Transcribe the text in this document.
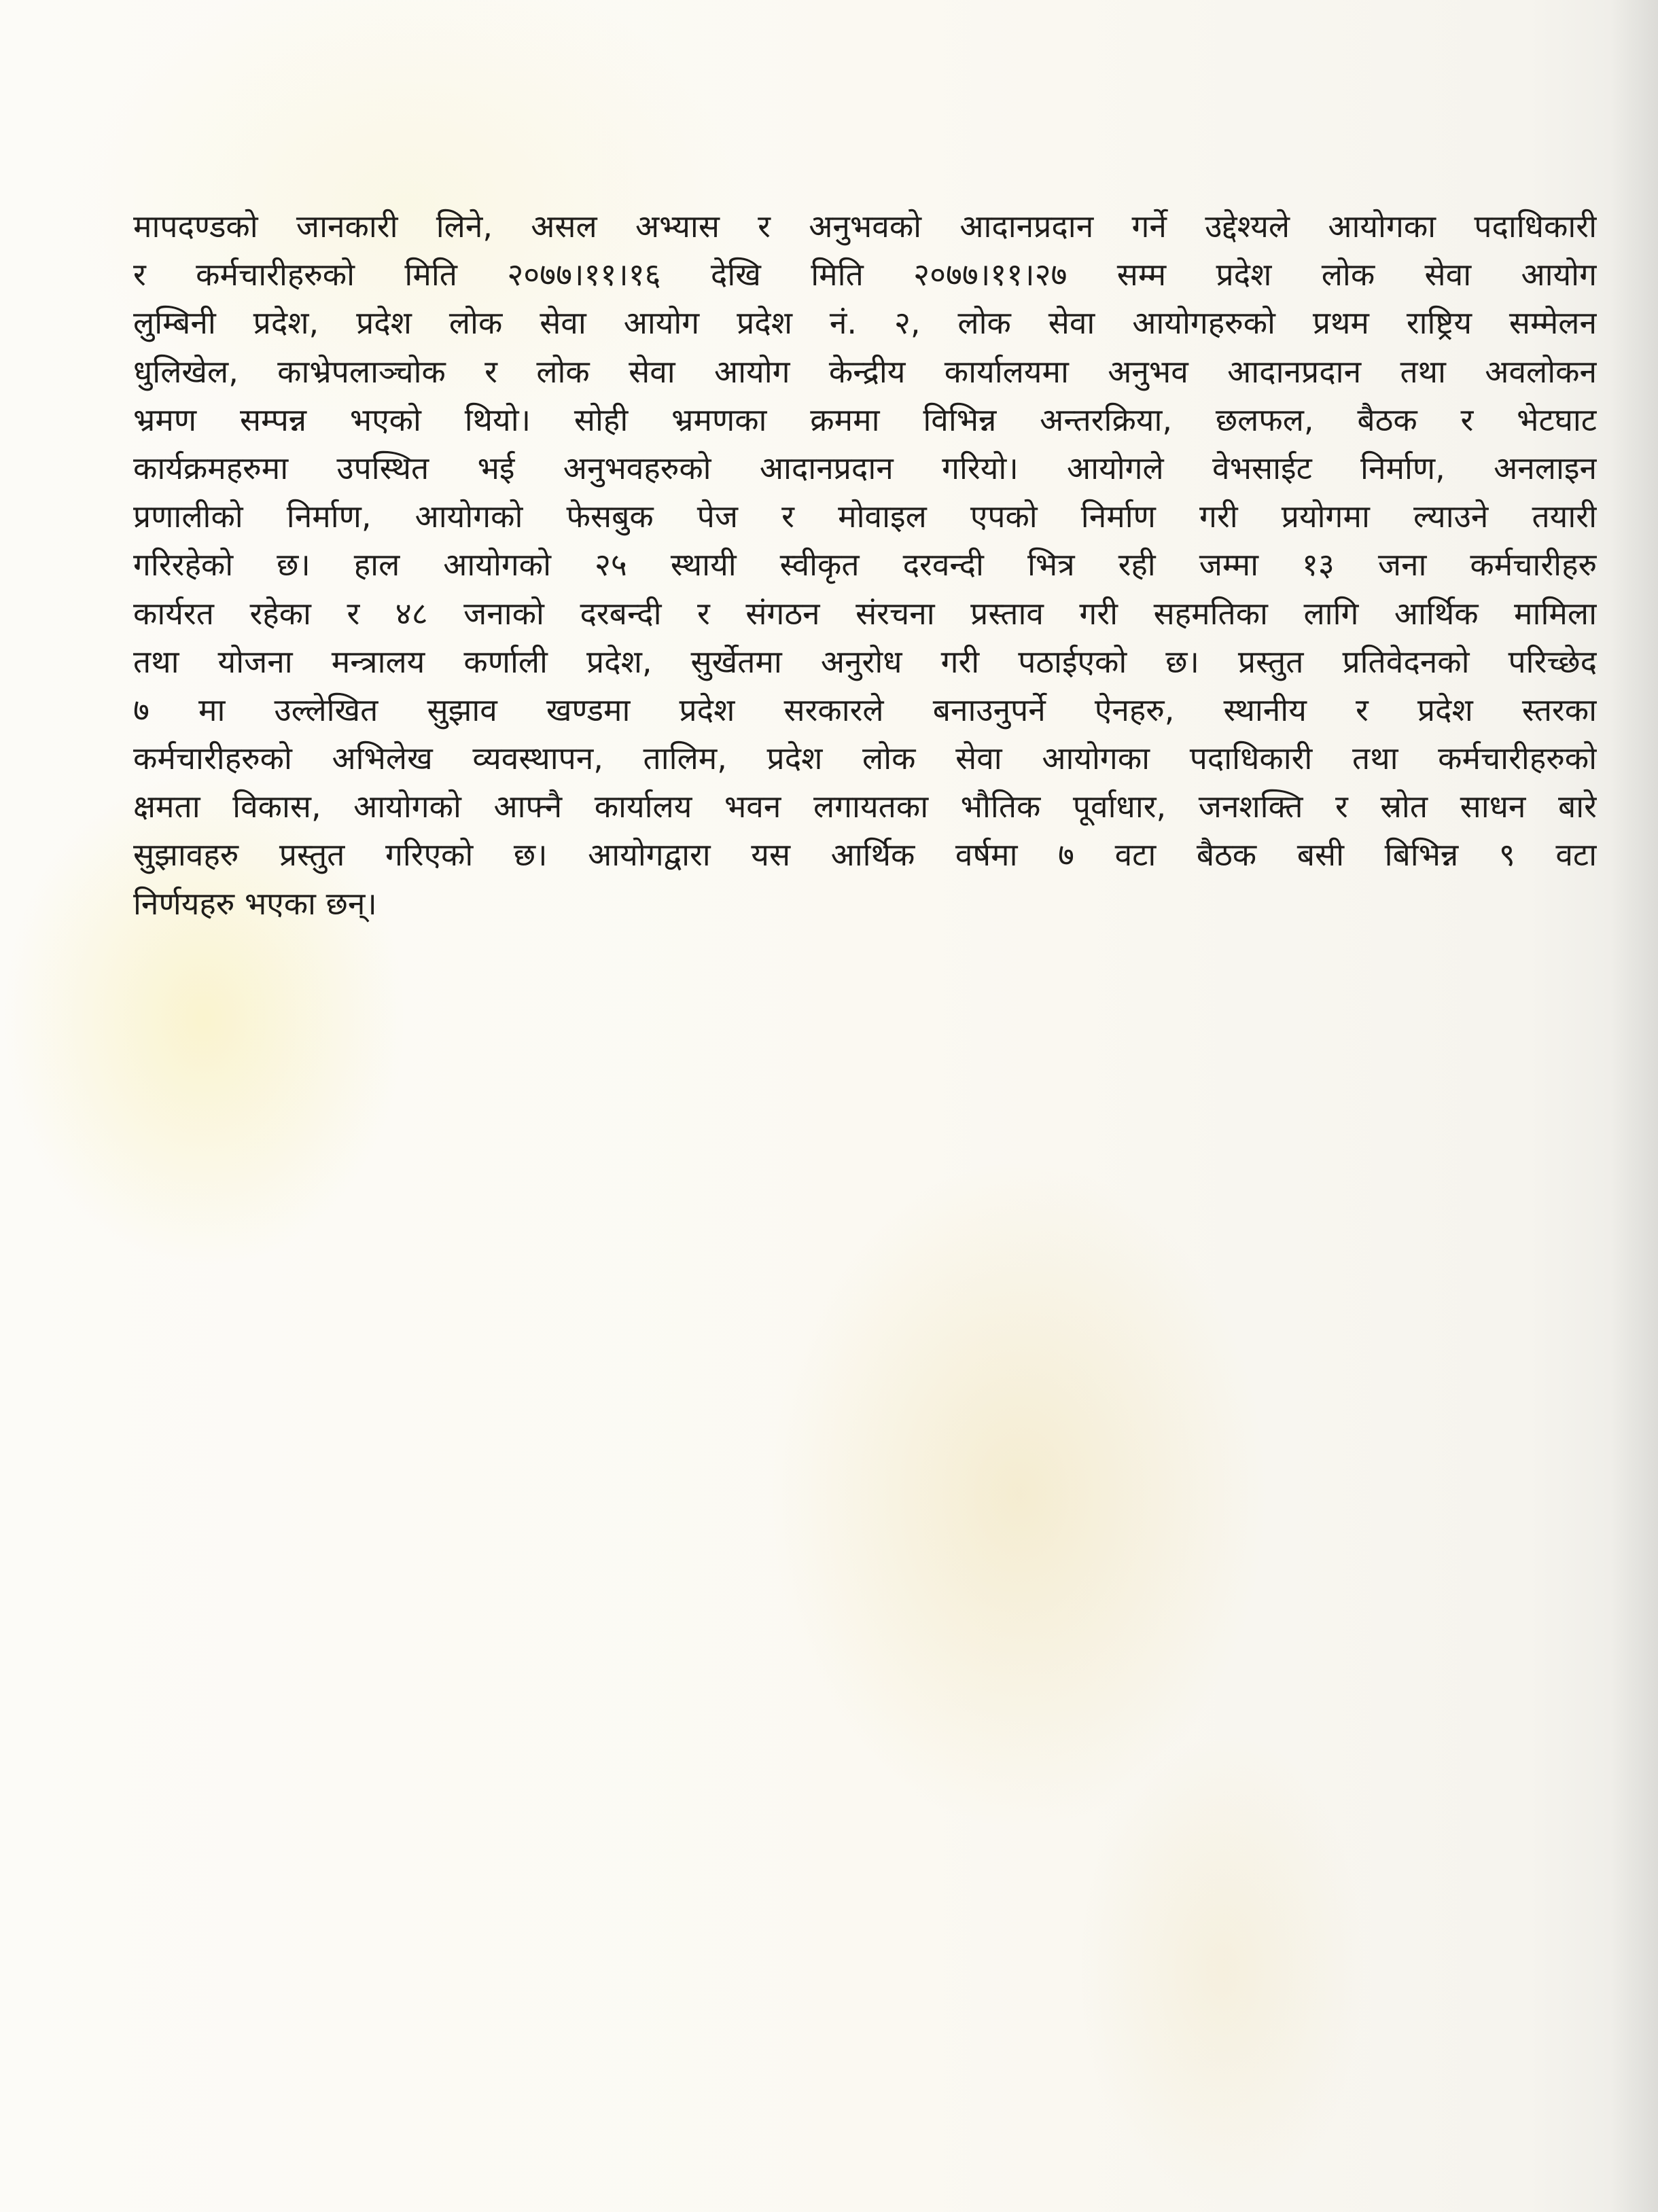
मापदण्डको जानकारी लिने, असल अभ्यास र अनुभवको आदानप्रदान गर्ने उद्देश्यले आयोगका पदाधिकारी
र कर्मचारीहरुको मिति २०७७।११।१६ देखि मिति २०७७।११।२७ सम्म प्रदेश लोक सेवा आयोग
लुम्बिनी प्रदेश, प्रदेश लोक सेवा आयोग प्रदेश नं. २, लोक सेवा आयोगहरुको प्रथम राष्ट्रिय सम्मेलन
धुलिखेल, काभ्रेपलाञ्चोक र लोक सेवा आयोग केन्द्रीय कार्यालयमा अनुभव आदानप्रदान तथा अवलोकन
भ्रमण सम्पन्न भएको थियो। सोही भ्रमणका क्रममा विभिन्न अन्तरक्रिया, छलफल, बैठक र भेटघाट
कार्यक्रमहरुमा उपस्थित भई अनुभवहरुको आदानप्रदान गरियो। आयोगले वेभसाईट निर्माण, अनलाइन
प्रणालीको निर्माण, आयोगको फेसबुक पेज र मोवाइल एपको निर्माण गरी प्रयोगमा ल्याउने तयारी
गरिरहेको छ। हाल आयोगको २५ स्थायी स्वीकृत दरवन्दी भित्र रही जम्मा १३ जना कर्मचारीहरु
कार्यरत रहेका र ४८ जनाको दरबन्दी र संगठन संरचना प्रस्ताव गरी सहमतिका लागि आर्थिक मामिला
तथा योजना मन्त्रालय कर्णाली प्रदेश, सुर्खेतमा अनुरोध गरी पठाईएको छ। प्रस्तुत प्रतिवेदनको परिच्छेद
७ मा उल्लेखित सुझाव खण्डमा प्रदेश सरकारले बनाउनुपर्ने ऐनहरु, स्थानीय र प्रदेश स्तरका
कर्मचारीहरुको अभिलेख व्यवस्थापन, तालिम, प्रदेश लोक सेवा आयोगका पदाधिकारी तथा कर्मचारीहरुको
क्षमता विकास, आयोगको आफ्नै कार्यालय भवन लगायतका भौतिक पूर्वाधार, जनशक्ति र स्रोत साधन बारे
सुझावहरु प्रस्तुत गरिएको छ। आयोगद्वारा यस आर्थिक वर्षमा ७ वटा बैठक बसी बिभिन्न ९ वटा
निर्णयहरु भएका छन्।
